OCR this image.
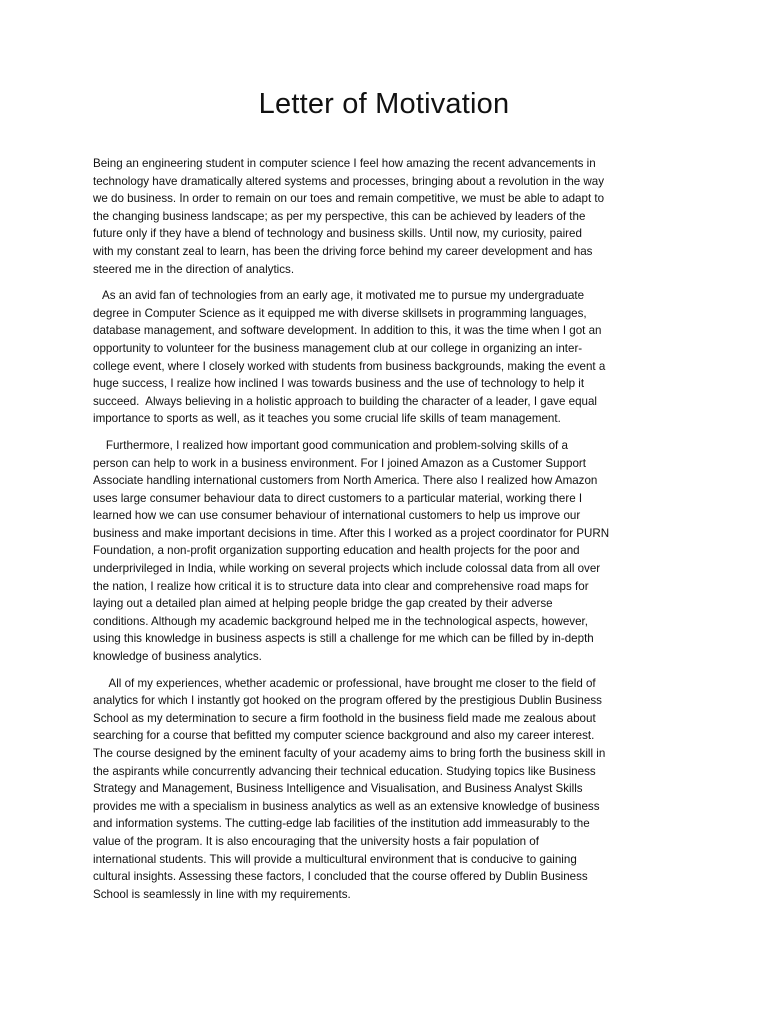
Letter of Motivation

Being an engineering student in computer science I feel how amazing the recent advancements in
technology have dramatically altered systems and processes, bringing about a revolution in the way
we do business. In order to remain on our toes and remain competitive, we must be able to adapt to
the changing business landscape; as per my perspective, this can be achieved by leaders of the
future only if they have a blend of technology and business skills. Until now, my curiosity, paired
with my constant zeal to learn, has been the driving force behind my career development and has
steered me in the direction of analytics.

As an avid fan of technologies from an early age, it motivated me to pursue my undergraduate
degree in Computer Science as it equipped me with diverse skillsets in programming languages,
database management, and software development. In addition to this, it was the time when I got an
opportunity to volunteer for the business management club at our college in organizing an inter-
college event, where I closely worked with students from business backgrounds, making the event a
huge success, I realize how inclined I was towards business and the use of technology to help it
succeed.  Always believing in a holistic approach to building the character of a leader, I gave equal
importance to sports as well, as it teaches you some crucial life skills of team management.

Furthermore, I realized how important good communication and problem-solving skills of a
person can help to work in a business environment. For I joined Amazon as a Customer Support
Associate handling international customers from North America. There also I realized how Amazon
uses large consumer behaviour data to direct customers to a particular material, working there I
learned how we can use consumer behaviour of international customers to help us improve our
business and make important decisions in time. After this I worked as a project coordinator for PURN
Foundation, a non-profit organization supporting education and health projects for the poor and
underprivileged in India, while working on several projects which include colossal data from all over
the nation, I realize how critical it is to structure data into clear and comprehensive road maps for
laying out a detailed plan aimed at helping people bridge the gap created by their adverse
conditions. Although my academic background helped me in the technological aspects, however,
using this knowledge in business aspects is still a challenge for me which can be filled by in-depth
knowledge of business analytics.

All of my experiences, whether academic or professional, have brought me closer to the field of
analytics for which I instantly got hooked on the program offered by the prestigious Dublin Business
School as my determination to secure a firm foothold in the business field made me zealous about
searching for a course that befitted my computer science background and also my career interest.
The course designed by the eminent faculty of your academy aims to bring forth the business skill in
the aspirants while concurrently advancing their technical education. Studying topics like Business
Strategy and Management, Business Intelligence and Visualisation, and Business Analyst Skills
provides me with a specialism in business analytics as well as an extensive knowledge of business
and information systems. The cutting-edge lab facilities of the institution add immeasurably to the
value of the program. It is also encouraging that the university hosts a fair population of
international students. This will provide a multicultural environment that is conducive to gaining
cultural insights. Assessing these factors, I concluded that the course offered by Dublin Business
School is seamlessly in line with my requirements.
